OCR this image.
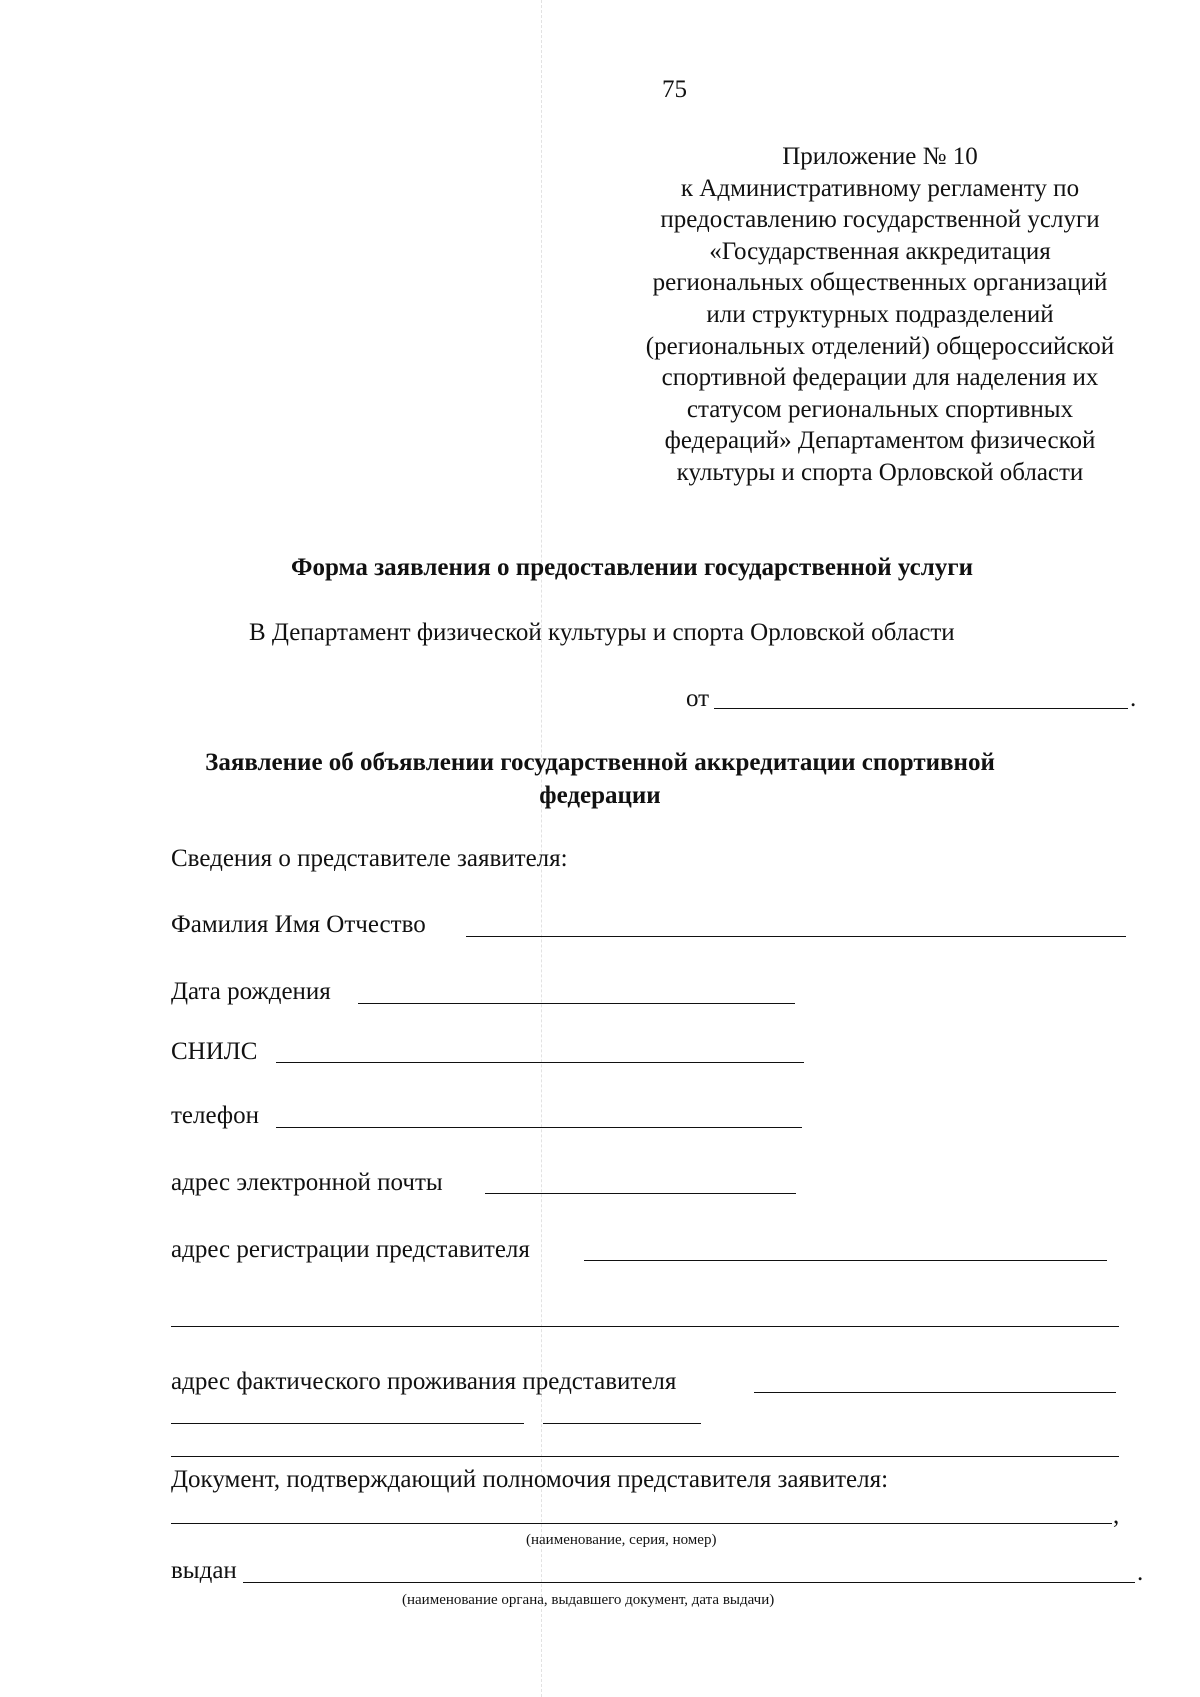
75
Приложение № 10
к Административному регламенту по
предоставлению государственной услуги
«Государственная аккредитация
региональных общественных организаций
или структурных подразделений
(региональных отделений) общероссийской
спортивной федерации для наделения их
статусом региональных спортивных
федераций» Департаментом физической
культуры и спорта Орловской области
Форма заявления о предоставлении государственной услуги
В Департамент физической культуры и спорта Орловской области
от	.
Заявление об объявлении государственной аккредитации спортивной
федерации
Сведения о представителе заявителя:
Фамилия Имя Отчество
Дата рождения
СНИЛС
телефон
адрес электронной почты
адрес регистрации представителя
адрес фактического проживания представителя
Документ, подтверждающий полномочия представителя заявителя:
,
(наименование, серия, номер)
выдан	.
(наименование органа, выдавшего документ, дата выдачи)
